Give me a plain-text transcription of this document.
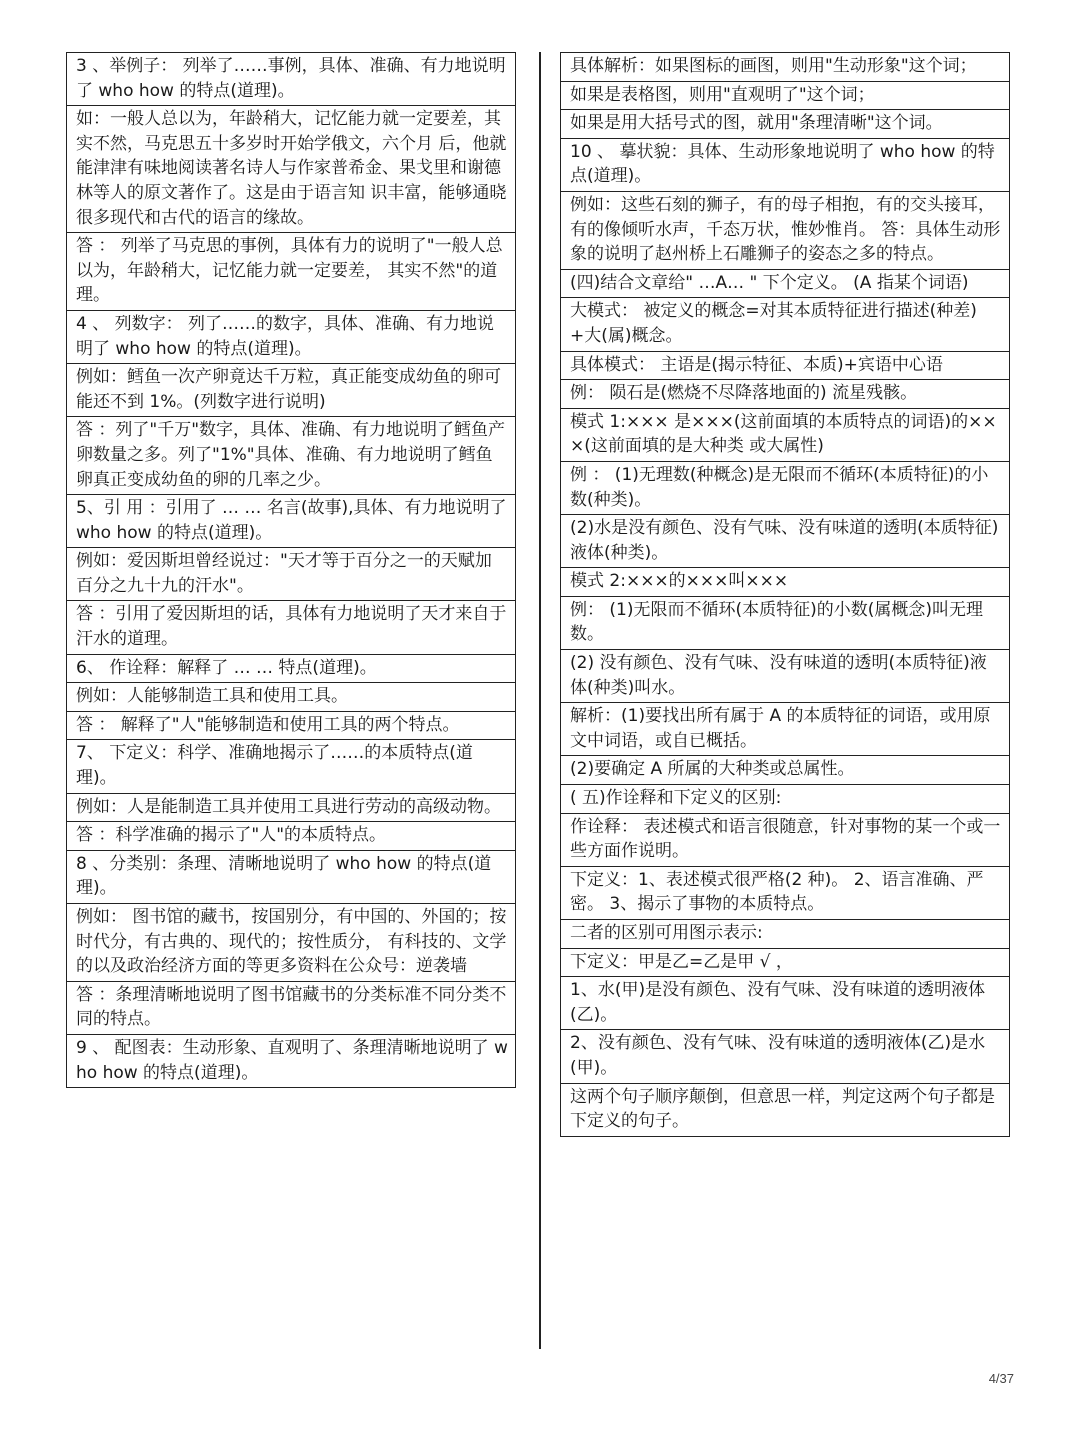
3 、举例子： 列举了……事例，具体、准确、有力地说明了 who how 的特点(道理)。
如：一般人总以为，年龄稍大，记忆能力就一定要差，其实不然，马克思五十多岁时开始学俄文，六个月 后，他就能津津有味地阅读著名诗人与作家普希金、果戈里和谢德林等人的原文著作了。这是由于语言知 识丰富，能够通晓很多现代和古代的语言的缘故。
答 ： 列举了马克思的事例，具体有力的说明了"一般人总以为，年龄稍大，记忆能力就一定要差， 其实不然"的道理。
4 、 列数字： 列了……的数字，具体、准确、有力地说明了 who how 的特点(道理)。
例如：鳕鱼一次产卵竟达千万粒，真正能变成幼鱼的卵可能还不到 1%。(列数字进行说明)
答 ：列了"千万"数字，具体、准确、有力地说明了鳕鱼产卵数量之多。列了"1%"具体、准确、有力地说明了鳕鱼卵真正变成幼鱼的卵的几率之少。
5、引 用 ：引用了 … … 名言(故事),具体、有力地说明了 who how 的特点(道理)。
例如：爱因斯坦曾经说过："天才等于百分之一的天赋加百分之九十九的汗水"。
答 ：引用了爱因斯坦的话，具体有力地说明了天才来自于汗水的道理。
6、 作诠释：解释了 … … 特点(道理)。
例如：人能够制造工具和使用工具。
答 ： 解释了"人"能够制造和使用工具的两个特点。
7、 下定义：科学、准确地揭示了……的本质特点(道理)。
例如：人是能制造工具并使用工具进行劳动的高级动物。
答 ：科学准确的揭示了"人"的本质特点。
8 、分类别：条理、清晰地说明了 who how 的特点(道理)。
例如： 图书馆的藏书，按国别分，有中国的、外国的；按时代分，有古典的、现代的；按性质分， 有科技的、文学的以及政治经济方面的等更多资料在公众号：逆袭墙
答 ：条理清晰地说明了图书馆藏书的分类标准不同分类不同的特点。
9 、 配图表：生动形象、直观明了、条理清晰地说明了 who how 的特点(道理)。
具体解析：如果图标的画图，则用"生动形象"这个词；
如果是表格图，则用"直观明了"这个词；
如果是用大括号式的图，就用"条理清晰"这个词。
10 、 摹状貌：具体、生动形象地说明了 who how 的特点(道理)。
例如：这些石刻的狮子，有的母子相抱，有的交头接耳，有的像倾听水声，千态万状，惟妙惟肖。 答：具体生动形象的说明了赵州桥上石雕狮子的姿态之多的特点。
(四)结合文章给" …A… " 下个定义。 (A 指某个词语)
大模式： 被定义的概念=对其本质特征进行描述(种差)+大(属)概念。
具体模式： 主语是(揭示特征、本质)+宾语中心语
例： 陨石是(燃烧不尽降落地面的) 流星残骸。
模式 1:××× 是×××(这前面填的本质特点的词语)的×××(这前面填的是大种类 或大属性)
例 ： (1)无理数(种概念)是无限而不循环(本质特征)的小数(种类)。
(2)水是没有颜色、没有气味、没有味道的透明(本质特征)液体(种类)。
模式 2:×××的×××叫×××
例： (1)无限而不循环(本质特征)的小数(属概念)叫无理数。
(2) 没有颜色、没有气味、没有味道的透明(本质特征)液体(种类)叫水。
解析：(1)要找出所有属于 A 的本质特征的词语，或用原文中词语，或自已概括。
(2)要确定 A 所属的大种类或总属性。
( 五)作诠释和下定义的区别:
作诠释： 表述模式和语言很随意，针对事物的某一个或一些方面作说明。
下定义：1、表述模式很严格(2 种)。 2、语言准确、严密。 3、揭示了事物的本质特点。
二者的区别可用图示表示:
下定义：甲是乙=乙是甲 √ ，
1、水(甲)是没有颜色、没有气味、没有味道的透明液体(乙)。
2、没有颜色、没有气味、没有味道的透明液体(乙)是水(甲)。
这两个句子顺序颠倒，但意思一样，判定这两个句子都是下定义的句子。
4/37
